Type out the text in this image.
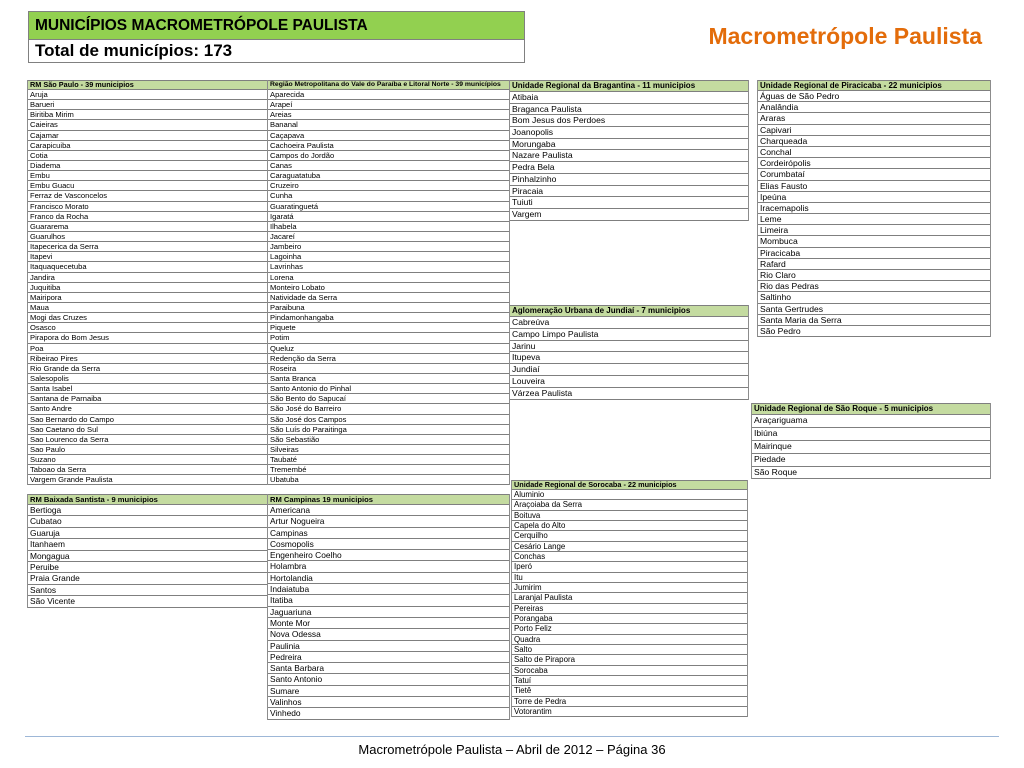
MUNICÍPIOS MACROMETRÓPOLE PAULISTA
Total de municípios: 173
Macrometrópole Paulista
RM São Paulo - 39 municipios
Aruja
Barueri
Biritiba Mirim
Caieiras
Cajamar
Carapicuiba
Cotia
Diadema
Embu
Embu Guacu
Ferraz de Vasconcelos
Francisco Morato
Franco da Rocha
Guararema
Guarulhos
Itapecerica da Serra
Itapevi
Itaquaquecetuba
Jandira
Juquitiba
Mairipora
Maua
Mogi das Cruzes
Osasco
Pirapora do Bom Jesus
Poa
Ribeirao Pires
Rio Grande da Serra
Salesopolis
Santa Isabel
Santana de Parnaiba
Santo Andre
Sao Bernardo do Campo
Sao Caetano do Sul
Sao Lourenco da Serra
Sao Paulo
Suzano
Taboao da Serra
Vargem Grande Paulista
Região Metropolitana do Vale do Paraíba e Litoral Norte - 39 municípios
Aparecida
Arapeí
Areias
Bananal
Caçapava
Cachoeira Paulista
Campos do Jordão
Canas
Caraguatatuba
Cruzeiro
Cunha
Guaratinguetá
Igaratá
Ilhabela
Jacareí
Jambeiro
Lagoinha
Lavrinhas
Lorena
Monteiro Lobato
Natividade da Serra
Paraibuna
Pindamonhangaba
Piquete
Potim
Queluz
Redenção da Serra
Roseira
Santa Branca
Santo Antonio do Pinhal
São Bento do Sapucaí
São José do Barreiro
São José dos Campos
São Luís do Paraitinga
São Sebastião
Silveiras
Taubaté
Tremembé
Ubatuba
Unidade Regional da Bragantina - 11 municipios
Atibaia
Braganca Paulista
Bom Jesus dos Perdoes
Joanopolis
Morungaba
Nazare Paulista
Pedra Bela
Pinhalzinho
Piracaia
Tuiuti
Vargem
Unidade Regional de Piracicaba - 22 municipios
Águas de São Pedro
Analândia
Araras
Capivari
Charqueada
Conchal
Cordeirópolis
Corumbataí
Elias Fausto
Ipeúna
Iracemapolis
Leme
Limeira
Mombuca
Piracicaba
Rafard
Rio Claro
Rio das Pedras
Saltinho
Santa Gertrudes
Santa Maria da Serra
São Pedro
Aglomeração Urbana de Jundiaí - 7 municipios
Cabreúva
Campo Limpo Paulista
Jarinu
Itupeva
Jundiaí
Louveira
Várzea Paulista
Unidade Regional de São Roque - 5 municipios
Araçariguama
Ibiúna
Mairinque
Piedade
São Roque
Unidade Regional de Sorocaba - 22 municipios
Aluminio
Araçoiaba da Serra
Boituva
Capela do Alto
Cerquilho
Cesário Lange
Conchas
Iperó
Itu
Jumirim
Laranjal Paulista
Pereiras
Porangaba
Porto Feliz
Quadra
Salto
Salto de Pirapora
Sorocaba
Tatuí
Tietê
Torre de Pedra
Votorantim
RM Baixada Santista - 9 municipios
Bertioga
Cubatao
Guaruja
Itanhaem
Mongagua
Peruibe
Praia Grande
Santos
São Vicente
RM Campinas 19 municipios
Americana
Artur Nogueira
Campinas
Cosmopolis
Engenheiro Coelho
Holambra
Hortolandia
Indaiatuba
Itatiba
Jaguariuna
Monte Mor
Nova Odessa
Paulinia
Pedreira
Santa Barbara
Santo Antonio
Sumare
Valinhos
Vinhedo
Macrometrópole Paulista – Abril de 2012 – Página 36
